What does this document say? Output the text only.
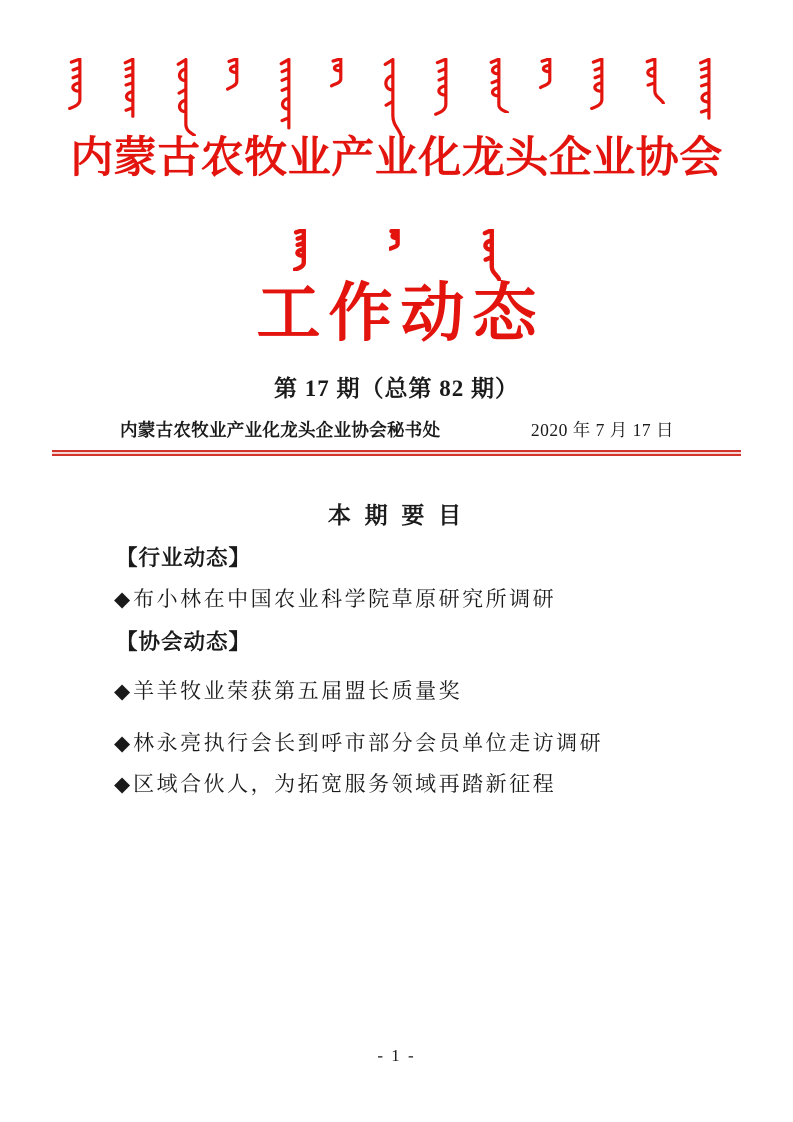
内蒙古农牧业产业化龙头企业协会
工作动态
第 17 期（总第 82 期）
内蒙古农牧业产业化龙头企业协会秘书处	2020 年 7 月 17 日
本 期 要 目
【行业动态】
◆ 布小林在中国农业科学院草原研究所调研
【协会动态】
◆ 羊羊牧业荣获第五届盟长质量奖
◆ 林永亮执行会长到呼市部分会员单位走访调研
◆ 区域合伙人，为拓宽服务领域再踏新征程
- 1 -
